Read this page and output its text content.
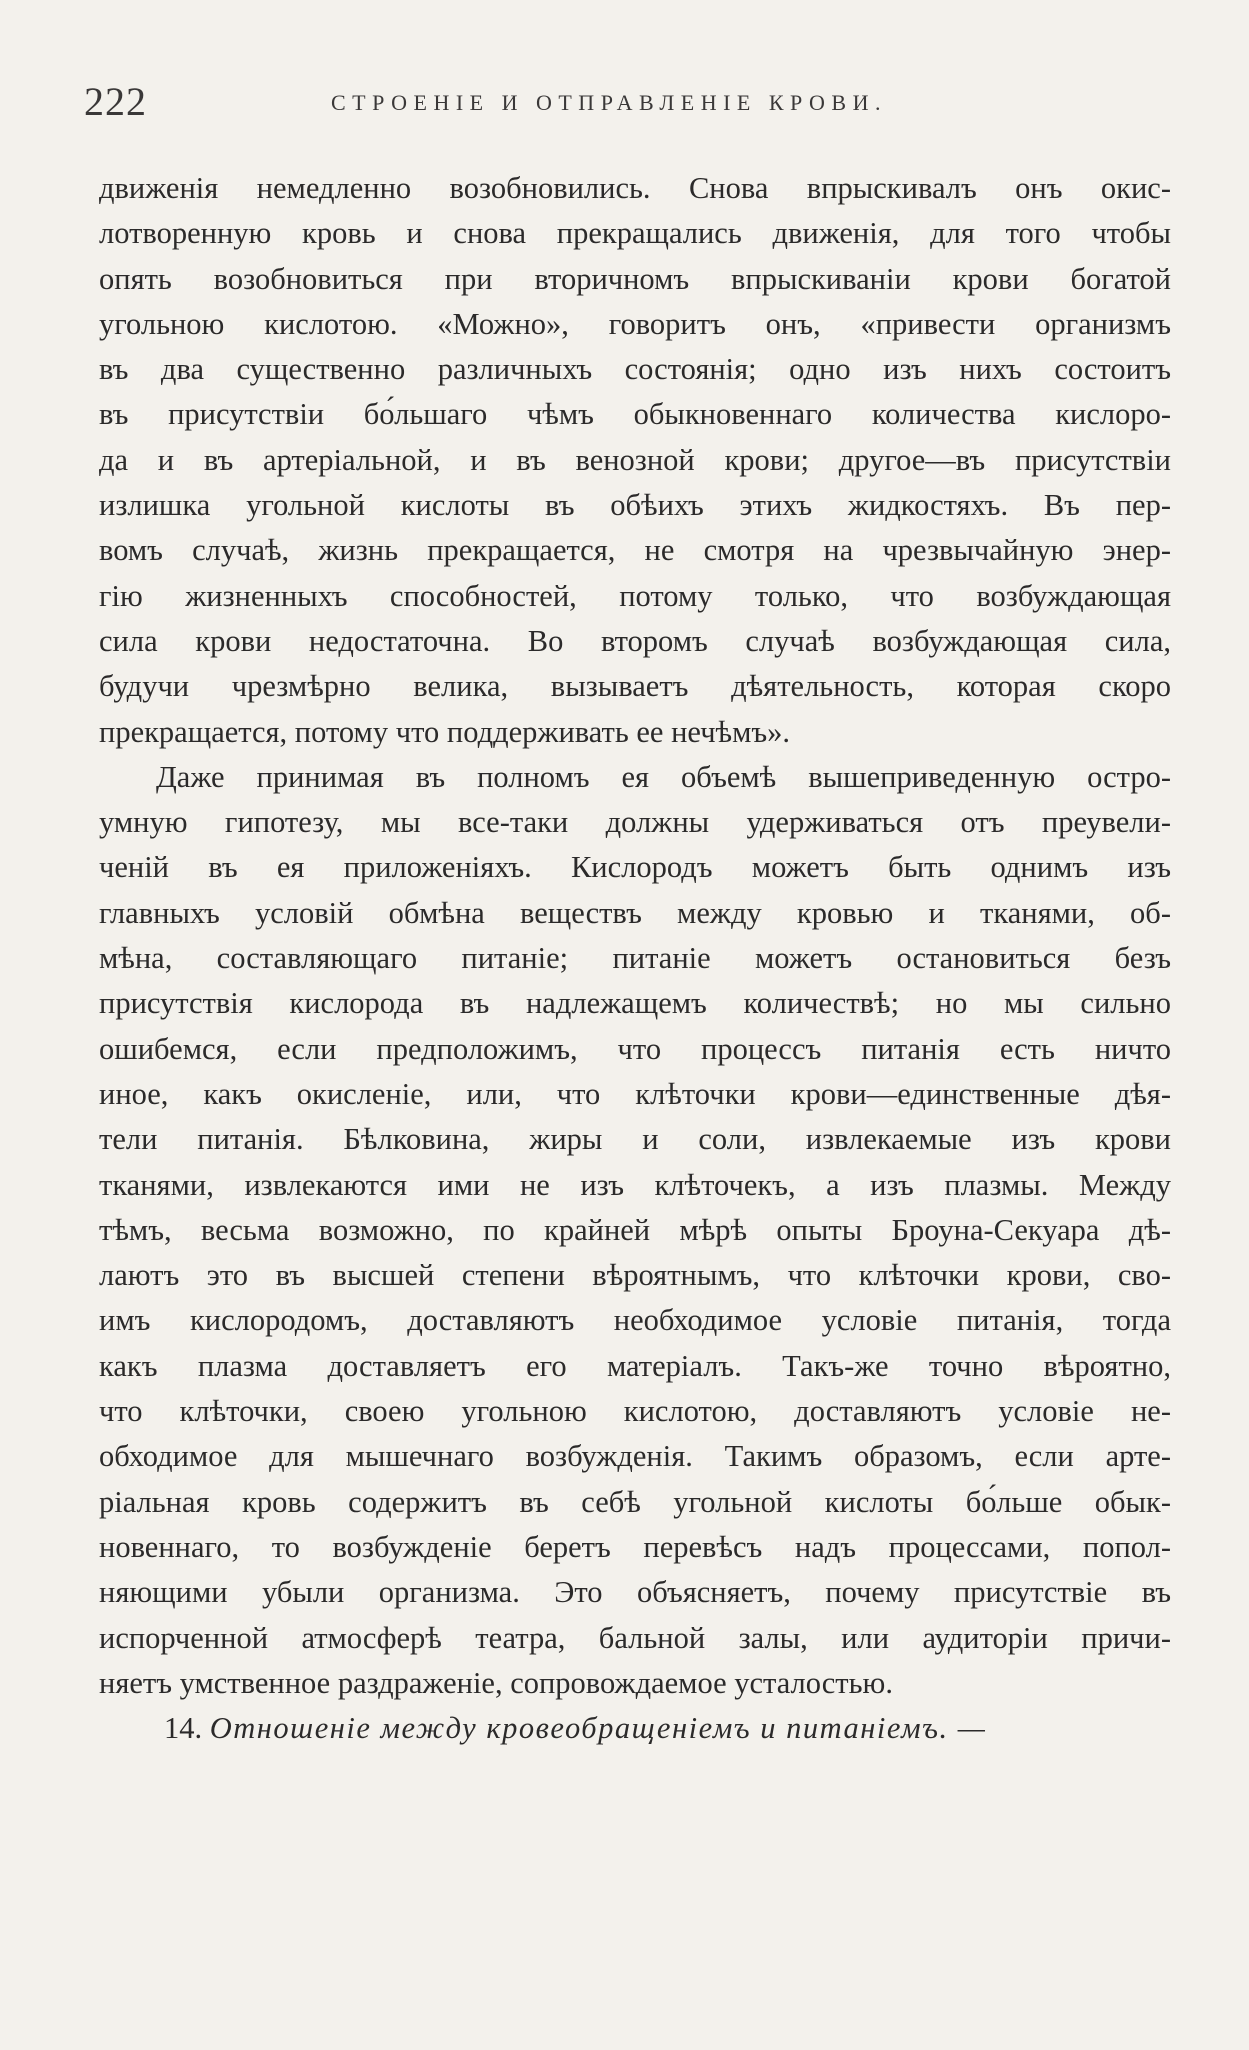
222	СТРОЕНІЕ И ОТПРАВЛЕНІЕ КРОВИ.
движенія немедленно возобновились. Снова впрыскивалъ онъ окис-
лотворенную кровь и снова прекращались движенія, для того чтобы
опять возобновиться при вторичномъ впрыскиваніи крови богатой
угольною кислотою. «Можно», говоритъ онъ, «привести организмъ
въ два существенно различныхъ состоянія; одно изъ нихъ состоитъ
въ присутствіи бо́льшаго чѣмъ обыкновеннаго количества кислоро-
да и въ артеріальной, и въ венозной крови; другое—въ присутствіи
излишка угольной кислоты въ обѣихъ этихъ жидкостяхъ. Въ пер-
вомъ случаѣ, жизнь прекращается, не смотря на чрезвычайную энер-
гію жизненныхъ способностей, потому только, что возбуждающая
сила крови недостаточна. Во второмъ случаѣ возбуждающая сила,
будучи чрезмѣрно велика, вызываетъ дѣятельность, которая скоро
прекращается, потому что поддерживать ее нечѣмъ».
Даже принимая въ полномъ ея объемѣ вышеприведенную остро-
умную гипотезу, мы все-таки должны удерживаться отъ преувели-
ченій въ ея приложеніяхъ. Кислородъ можетъ быть однимъ изъ
главныхъ условій обмѣна веществъ между кровью и тканями, об-
мѣна, составляющаго питаніе; питаніе можетъ остановиться безъ
присутствія кислорода въ надлежащемъ количествѣ; но мы сильно
ошибемся, если предположимъ, что процессъ питанія есть ничто
иное, какъ окисленіе, или, что клѣточки крови—единственные дѣя-
тели питанія. Бѣлковина, жиры и соли, извлекаемые изъ крови
тканями, извлекаются ими не изъ клѣточекъ, а изъ плазмы. Между
тѣмъ, весьма возможно, по крайней мѣрѣ опыты Броуна-Секуара дѣ-
лаютъ это въ высшей степени вѣроятнымъ, что клѣточки крови, сво-
имъ кислородомъ, доставляютъ необходимое условіе питанія, тогда
какъ плазма доставляетъ его матеріалъ. Такъ-же точно вѣроятно,
что клѣточки, своею угольною кислотою, доставляютъ условіе не-
обходимое для мышечнаго возбужденія. Такимъ образомъ, если арте-
ріальная кровь содержитъ въ себѣ угольной кислоты бо́льше обык-
новеннаго, то возбужденіе беретъ перевѣсъ надъ процессами, попол-
няющими убыли организма. Это объясняетъ, почему присутствіе въ
испорченной атмосферѣ театра, бальной залы, или аудиторіи причи-
няетъ умственное раздраженіе, сопровождаемое усталостью.
14. Отношеніе между кровеобращеніемъ и питаніемъ. —
